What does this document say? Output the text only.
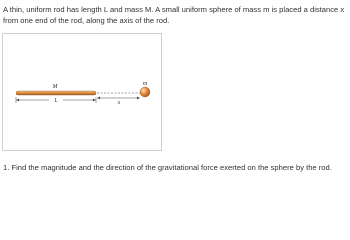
A thin, uniform rod has length L and mass M. A small uniform sphere of mass m is placed a distance x from one end of the rod, along the axis of the rod.

M
x
m
L

1. Find the magnitude and the direction of the gravitational force exerted on the sphere by the rod.
